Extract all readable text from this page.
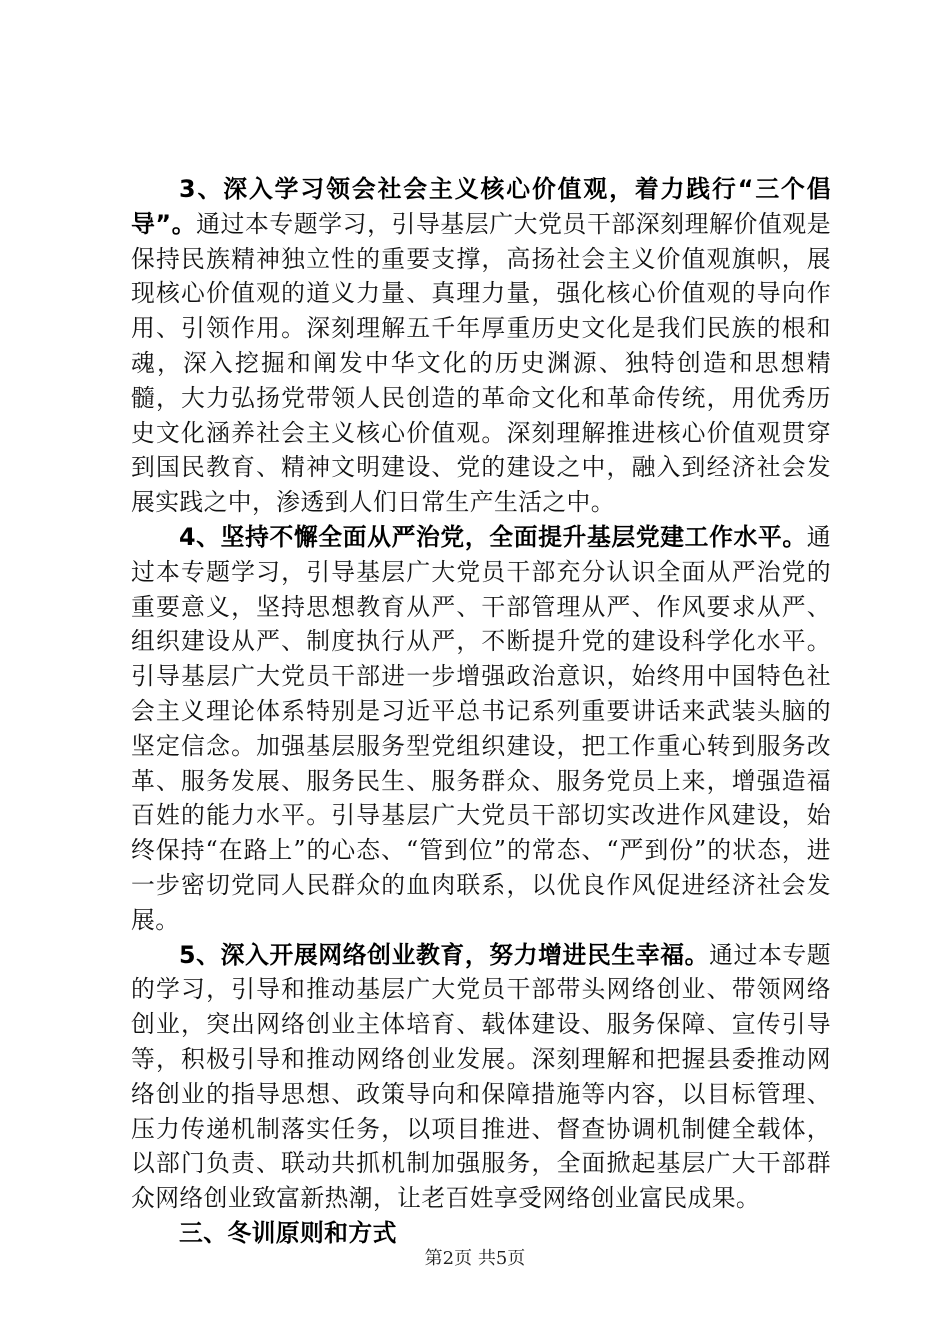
3、深入学习领会社会主义核心价值观，着力践行“三个倡导”。通过本专题学习，引导基层广大党员干部深刻理解价值观是保持民族精神独立性的重要支撑，高扬社会主义价值观旗帜，展现核心价值观的道义力量、真理力量，强化核心价值观的导向作用、引领作用。深刻理解五千年厚重历史文化是我们民族的根和魂，深入挖掘和阐发中华文化的历史渊源、独特创造和思想精髓，大力弘扬党带领人民创造的革命文化和革命传统，用优秀历史文化涵养社会主义核心价值观。深刻理解推进核心价值观贯穿到国民教育、精神文明建设、党的建设之中，融入到经济社会发展实践之中，渗透到人们日常生产生活之中。

4、坚持不懈全面从严治党，全面提升基层党建工作水平。通过本专题学习，引导基层广大党员干部充分认识全面从严治党的重要意义，坚持思想教育从严、干部管理从严、作风要求从严、组织建设从严、制度执行从严，不断提升党的建设科学化水平。引导基层广大党员干部进一步增强政治意识，始终用中国特色社会主义理论体系特别是习近平总书记系列重要讲话来武装头脑的坚定信念。加强基层服务型党组织建设，把工作重心转到服务改革、服务发展、服务民生、服务群众、服务党员上来，增强造福百姓的能力水平。引导基层广大党员干部切实改进作风建设，始终保持“在路上”的心态、“管到位”的常态、“严到份”的状态，进一步密切党同人民群众的血肉联系，以优良作风促进经济社会发展。

5、深入开展网络创业教育，努力增进民生幸福。通过本专题的学习，引导和推动基层广大党员干部带头网络创业、带领网络创业，突出网络创业主体培育、载体建设、服务保障、宣传引导等，积极引导和推动网络创业发展。深刻理解和把握县委推动网络创业的指导思想、政策导向和保障措施等内容，以目标管理、压力传递机制落实任务，以项目推进、督查协调机制健全载体，以部门负责、联动共抓机制加强服务，全面掀起基层广大干部群众网络创业致富新热潮，让老百姓享受网络创业富民成果。

三、冬训原则和方式

第2页 共5页
